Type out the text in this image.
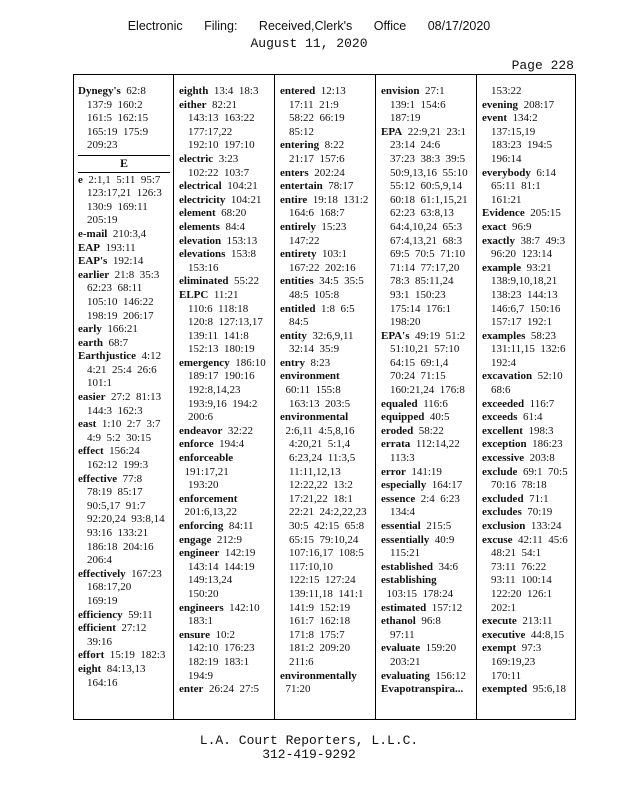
Electronic Filing: Received,Clerk's Office 08/17/2020
August 11, 2020
Page 228
Dynegy's  62:8
137:9  160:2
161:5  162:15
165:19  175:9
209:23
E
e  2:1,1  5:11  95:7
123:17,21  126:3
130:9  169:11
205:19
e-mail  210:3,4
EAP  193:11
EAP's  192:14
earlier  21:8  35:3
62:23  68:11
105:10  146:22
198:19  206:17
early  166:21
earth  68:7
Earthjustice  4:12
4:21  25:4  26:6
101:1
easier  27:2  81:13
144:3  162:3
east  1:10  2:7  3:7
4:9  5:2  30:15
effect  156:24
162:12  199:3
effective  77:8
78:19  85:17
90:5,17  91:7
92:20,24  93:8,14
93:16  133:21
186:18  204:16
206:4
effectively  167:23
168:17,20
169:19
efficiency  59:11
efficient  27:12
39:16
effort  15:19  182:3
eight  84:13,13
164:16
eighth  13:4  18:3
either  82:21
143:13  163:22
177:17,22
192:10  197:10
electric  3:23
102:22  103:7
electrical  104:21
electricity  104:21
element  68:20
elements  84:4
elevation  153:13
elevations  153:8
153:16
eliminated  55:22
ELPC  11:21
110:6  118:18
120:8  127:13,17
139:11  141:8
152:13  180:19
emergency  186:10
189:17  190:16
192:8,14,23
193:9,16  194:2
200:6
endeavor  32:22
enforce  194:4
enforceable  191:17,21
193:20
enforcement  201:6,13,22
enforcing  84:11
engage  212:9
engineer  142:19
143:14  144:19
149:13,24
150:20
engineers  142:10
183:1
ensure  10:2
142:10  176:23
182:19  183:1
194:9
enter  26:24  27:5
entered  12:13
17:11  21:9
58:22  66:19
85:12
entering  8:22
21:17  157:6
enters  202:24
entertain  78:17
entire  19:18  131:2
164:6  168:7
entirely  15:23
147:22
entirety  103:1
167:22  202:16
entities  34:5  35:5
48:5  105:8
entitled  1:8  6:5
84:5
entity  32:6,9,11
32:14  35:9
entry  8:23
environment  60:11  155:8
163:13  203:5
environmental  2:6,11  4:5,8,16
4:20,21  5:1,4
6:23,24  11:3,5
11:11,12,13
12:22,22  13:2
17:21,22  18:1
22:21  24:2,22,23
30:5  42:15  65:8
65:15  79:10,24
107:16,17  108:5
117:10,10
122:15  127:24
139:11,18  141:1
141:9  152:19
161:7  162:18
171:8  175:7
181:2  209:20
211:6
environmentally  71:20
envision  27:1
139:1  154:6
187:19
EPA  22:9,21  23:1
23:14  24:6
37:23  38:3  39:5
50:9,13,16  55:10
55:12  60:5,9,14
60:18  61:1,15,21
62:23  63:8,13
64:4,10,24  65:3
67:4,13,21  68:3
69:5  70:5  71:10
71:14  77:17,20
78:3  85:11,24
93:1  150:23
175:14  176:1
198:20
EPA's  49:19  51:2
51:10,21  57:10
64:15  69:1,4
70:24  71:15
160:21,24  176:8
equaled  116:6
equipped  40:5
eroded  58:22
errata  112:14,22
113:3
error  141:19
especially  164:17
essence  2:4  6:23
134:4
essential  215:5
essentially  40:9
115:21
established  34:6
establishing  103:15  178:24
estimated  157:12
ethanol  96:8
97:11
evaluate  159:20
203:21
evaluating  156:12
Evapotranspira...
153:22
evening  208:17
event  134:2
137:15,19
183:23  194:5
196:14
everybody  6:14
65:11  81:1
161:21
Evidence  205:15
exact  96:9
exactly  38:7  49:3
96:20  123:14
example  93:21
138:9,10,18,21
138:23  144:13
146:6,7  150:16
157:17  192:1
examples  58:23
131:11,15  132:6
192:4
excavation  52:10
68:6
exceeded  116:7
exceeds  61:4
excellent  198:3
exception  186:23
excessive  203:8
exclude  69:1  70:5
70:16  78:18
excluded  71:1
excludes  70:19
exclusion  133:24
excuse  42:11  45:6
48:21  54:1
73:11  76:22
93:11  100:14
122:20  126:1
202:1
execute  213:11
executive  44:8,15
exempt  97:3
169:19,23
170:11
exempted  95:6,18
L.A. Court Reporters, L.L.C.
312-419-9292
